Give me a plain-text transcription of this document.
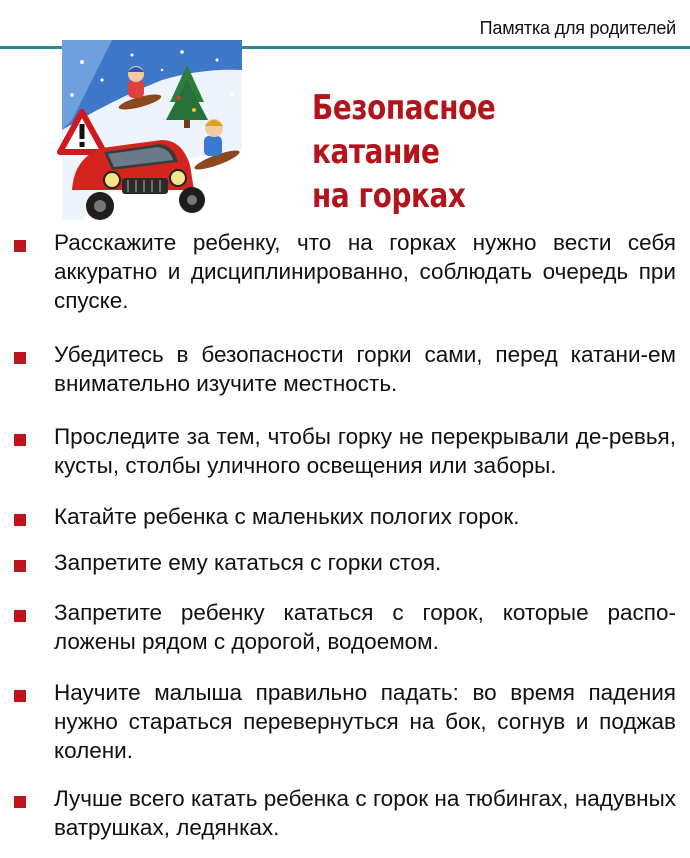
Памятка для родителей
Безопасное катание
на горках
Расскажите ребенку, что на горках нужно вести себя аккуратно и дисциплинированно, соблюдать очередь при спуске.
Убедитесь в безопасности горки сами, перед катани-ем внимательно изучите местность.
Проследите за тем, чтобы горку не перекрывали де-ревья, кусты, столбы уличного освещения или заборы.
Катайте ребенка с маленьких пологих горок.
Запретите ему кататься с горки стоя.
Запретите ребенку кататься с горок, которые распо-ложены рядом с дорогой, водоемом.
Научите малыша правильно падать: во время падения нужно стараться перевернуться на бок, согнув и поджав колени.
Лучше всего катать ребенка с горок на тюбингах, надувных ватрушках, ледянках.
